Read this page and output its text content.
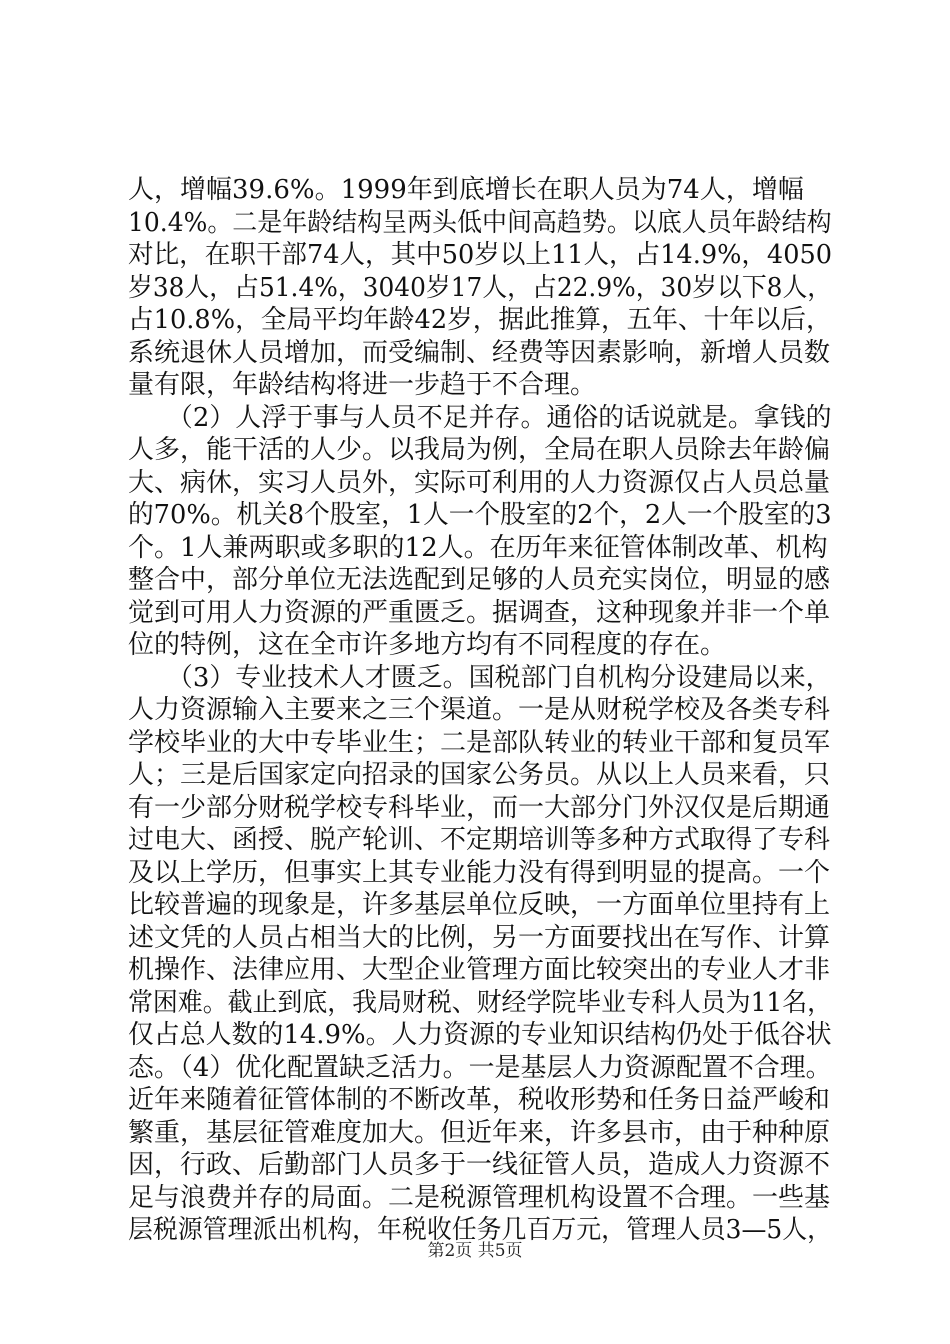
人，增幅39.6%。1999年到底增长在职人员为74人，增幅
10.4%。二是年龄结构呈两头低中间高趋势。以底人员年龄结构
对比，在职干部74人，其中50岁以上11人，占14.9%，4050
岁38人，占51.4%，3040岁17人，占22.9%，30岁以下8人，
占10.8%，全局平均年龄42岁，据此推算，五年、十年以后，
系统退休人员增加，而受编制、经费等因素影响，新增人员数
量有限，年龄结构将进一步趋于不合理。
　　（2）人浮于事与人员不足并存。通俗的话说就是。拿钱的
人多，能干活的人少。以我局为例，全局在职人员除去年龄偏
大、病休，实习人员外，实际可利用的人力资源仅占人员总量
的70%。机关8个股室，1人一个股室的2个，2人一个股室的3
个。1人兼两职或多职的12人。在历年来征管体制改革、机构
整合中，部分单位无法选配到足够的人员充实岗位，明显的感
觉到可用人力资源的严重匮乏。据调查，这种现象并非一个单
位的特例，这在全市许多地方均有不同程度的存在。
　　（3）专业技术人才匮乏。国税部门自机构分设建局以来，
人力资源输入主要来之三个渠道。一是从财税学校及各类专科
学校毕业的大中专毕业生；二是部队转业的转业干部和复员军
人；三是后国家定向招录的国家公务员。从以上人员来看，只
有一少部分财税学校专科毕业，而一大部分门外汉仅是后期通
过电大、函授、脱产轮训、不定期培训等多种方式取得了专科
及以上学历，但事实上其专业能力没有得到明显的提高。一个
比较普遍的现象是，许多基层单位反映，一方面单位里持有上
述文凭的人员占相当大的比例，另一方面要找出在写作、计算
机操作、法律应用、大型企业管理方面比较突出的专业人才非
常困难。截止到底，我局财税、财经学院毕业专科人员为11名，
仅占总人数的14.9%。人力资源的专业知识结构仍处于低谷状
态。（4）优化配置缺乏活力。一是基层人力资源配置不合理。
近年来随着征管体制的不断改革，税收形势和任务日益严峻和
繁重，基层征管难度加大。但近年来，许多县市，由于种种原
因，行政、后勤部门人员多于一线征管人员，造成人力资源不
足与浪费并存的局面。二是税源管理机构设置不合理。一些基
层税源管理派出机构，年税收任务几百万元，管理人员3—5人，
第2页 共5页
